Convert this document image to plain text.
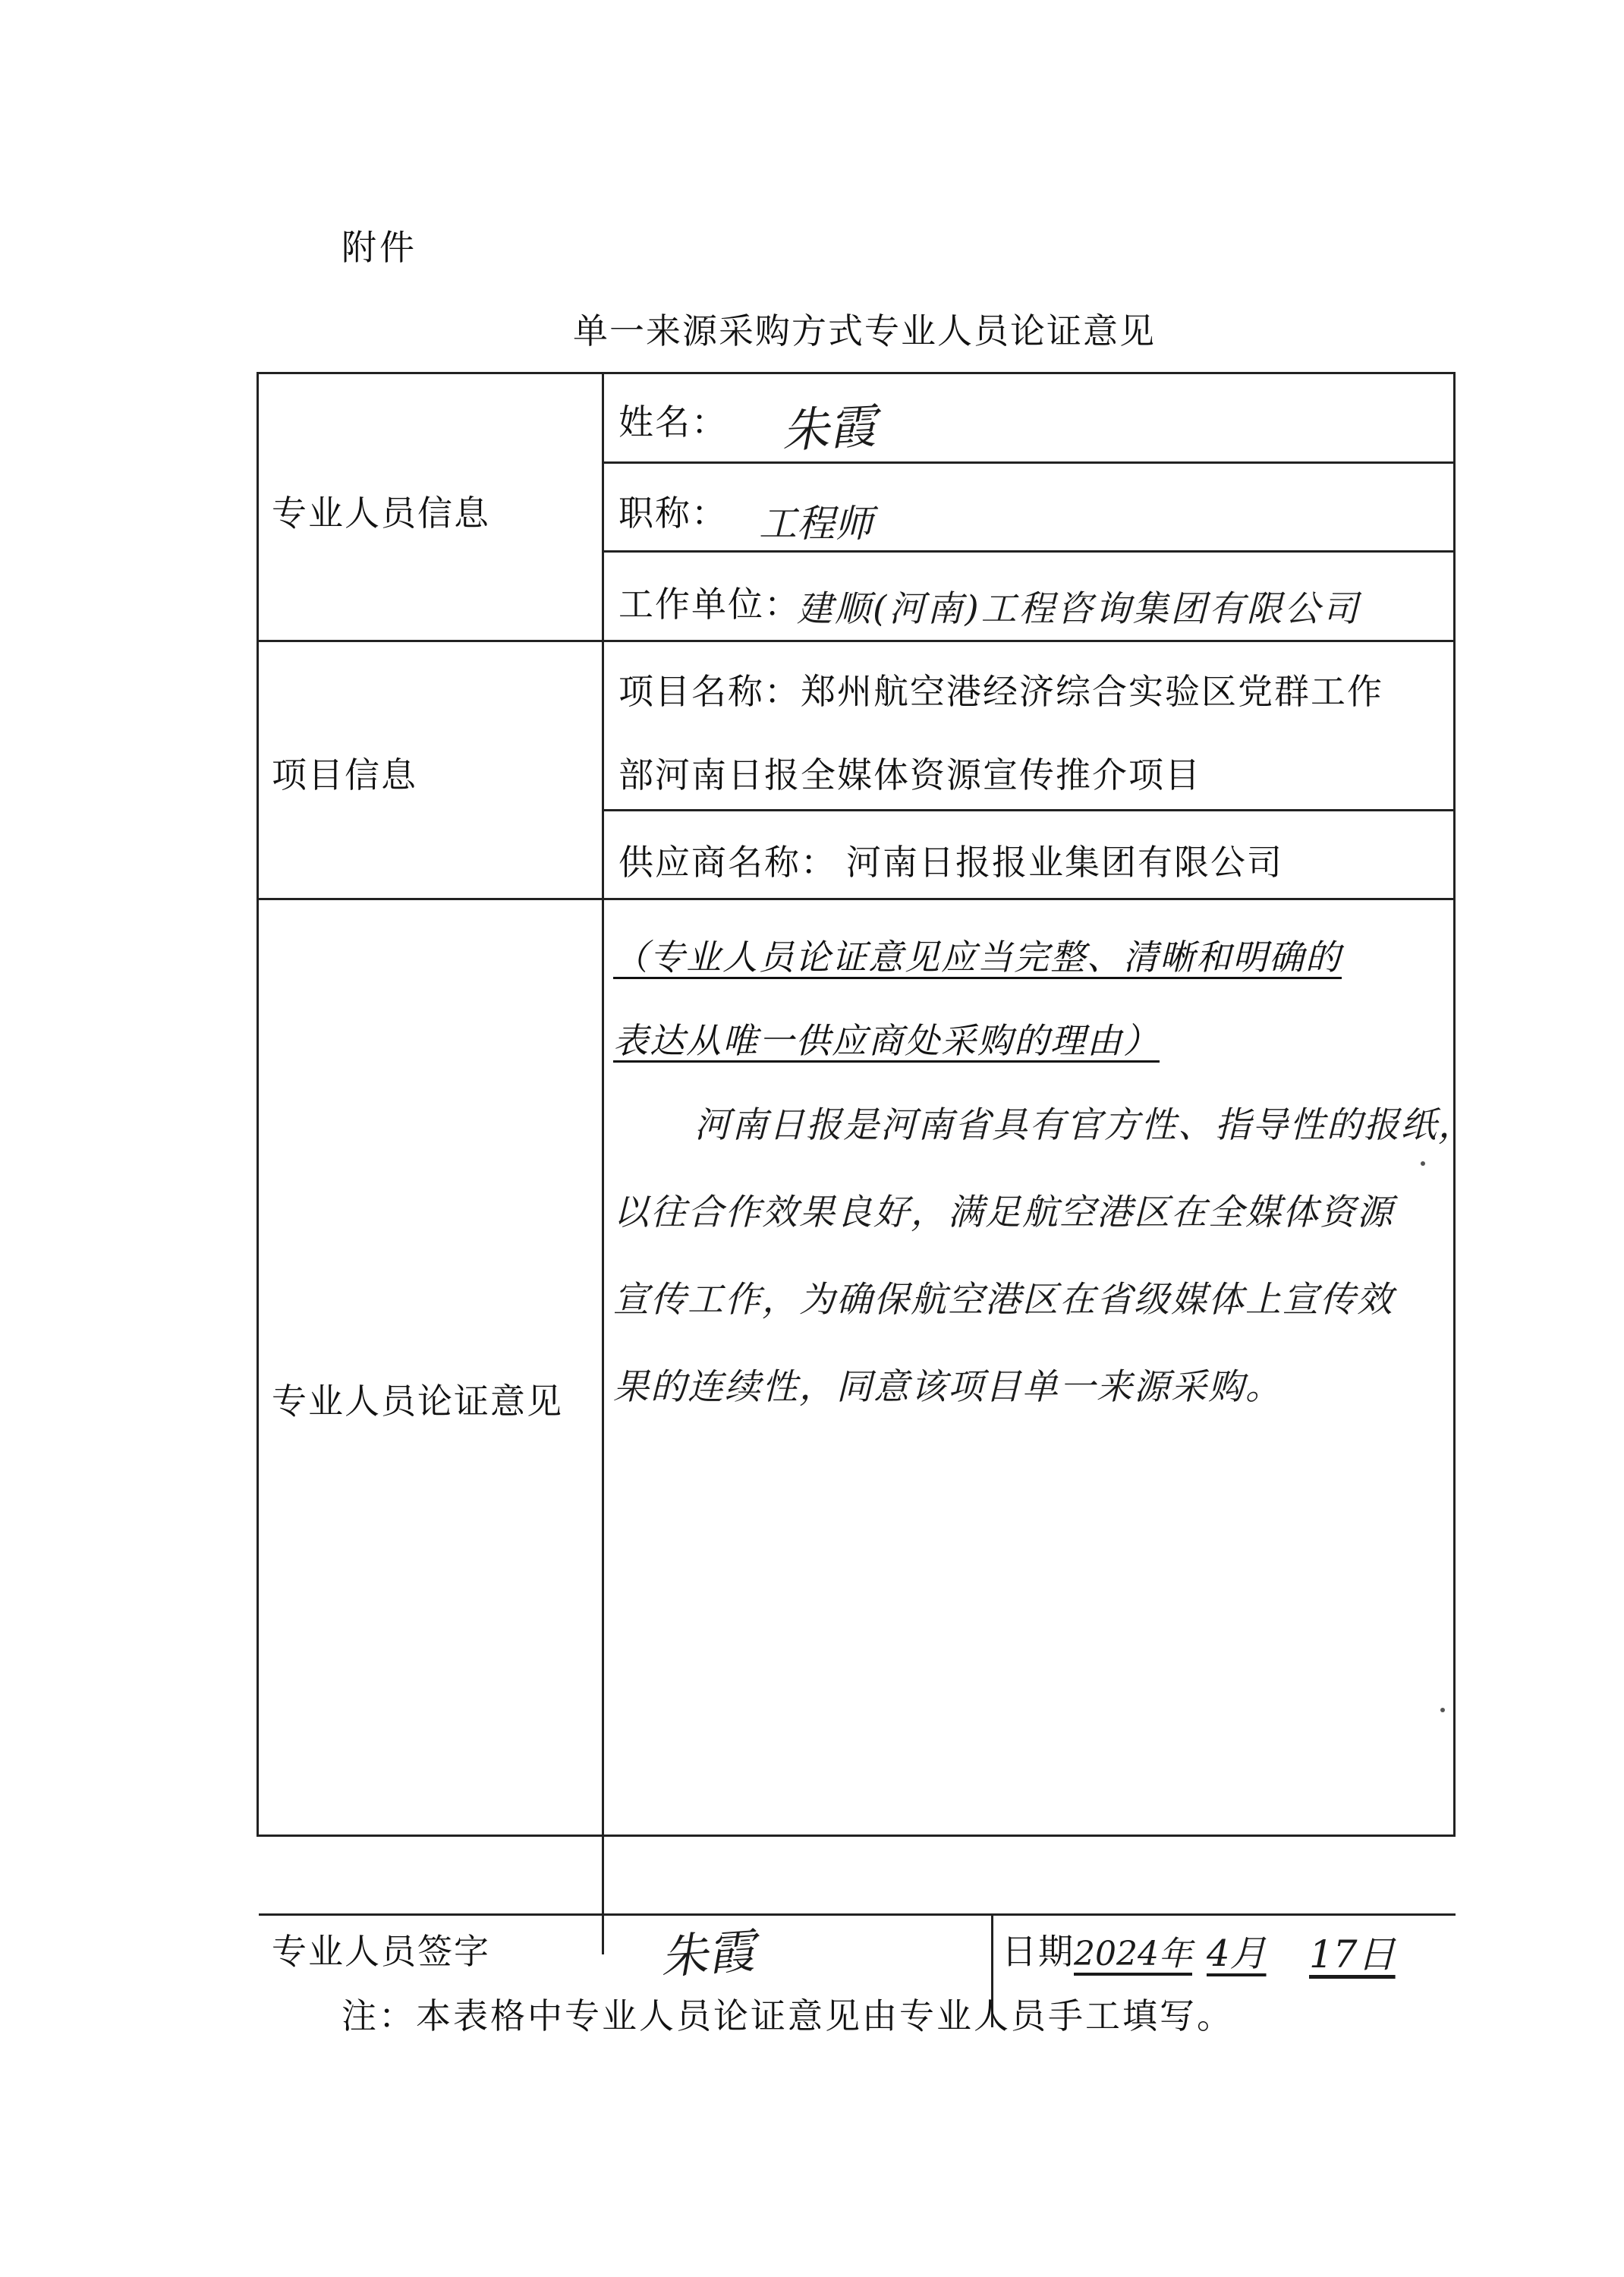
附件
单一来源采购方式专业人员论证意见
专业人员信息
姓名： 朱霞
职称： 工程师
工作单位：
建顺(河南)工程咨询集团有限公司
项目信息
项目名称：郑州航空港经济综合实验区党群工作
部河南日报全媒体资源宣传推介项目
供应商名称： 河南日报报业集团有限公司
专业人员论证意见
（专业人员论证意见应当完整、清晰和明确的
表达从唯一供应商处采购的理由）
河南日报是河南省具有官方性、指导性的报纸，
以往合作效果良好，满足航空港区在全媒体资源
宣传工作，为确保航空港区在省级媒体上宣传效
果的连续性，同意该项目单一来源采购。
专业人员签字	朱霞	日期 2024年 4月 17日
注：本表格中专业人员论证意见由专业人员手工填写。
